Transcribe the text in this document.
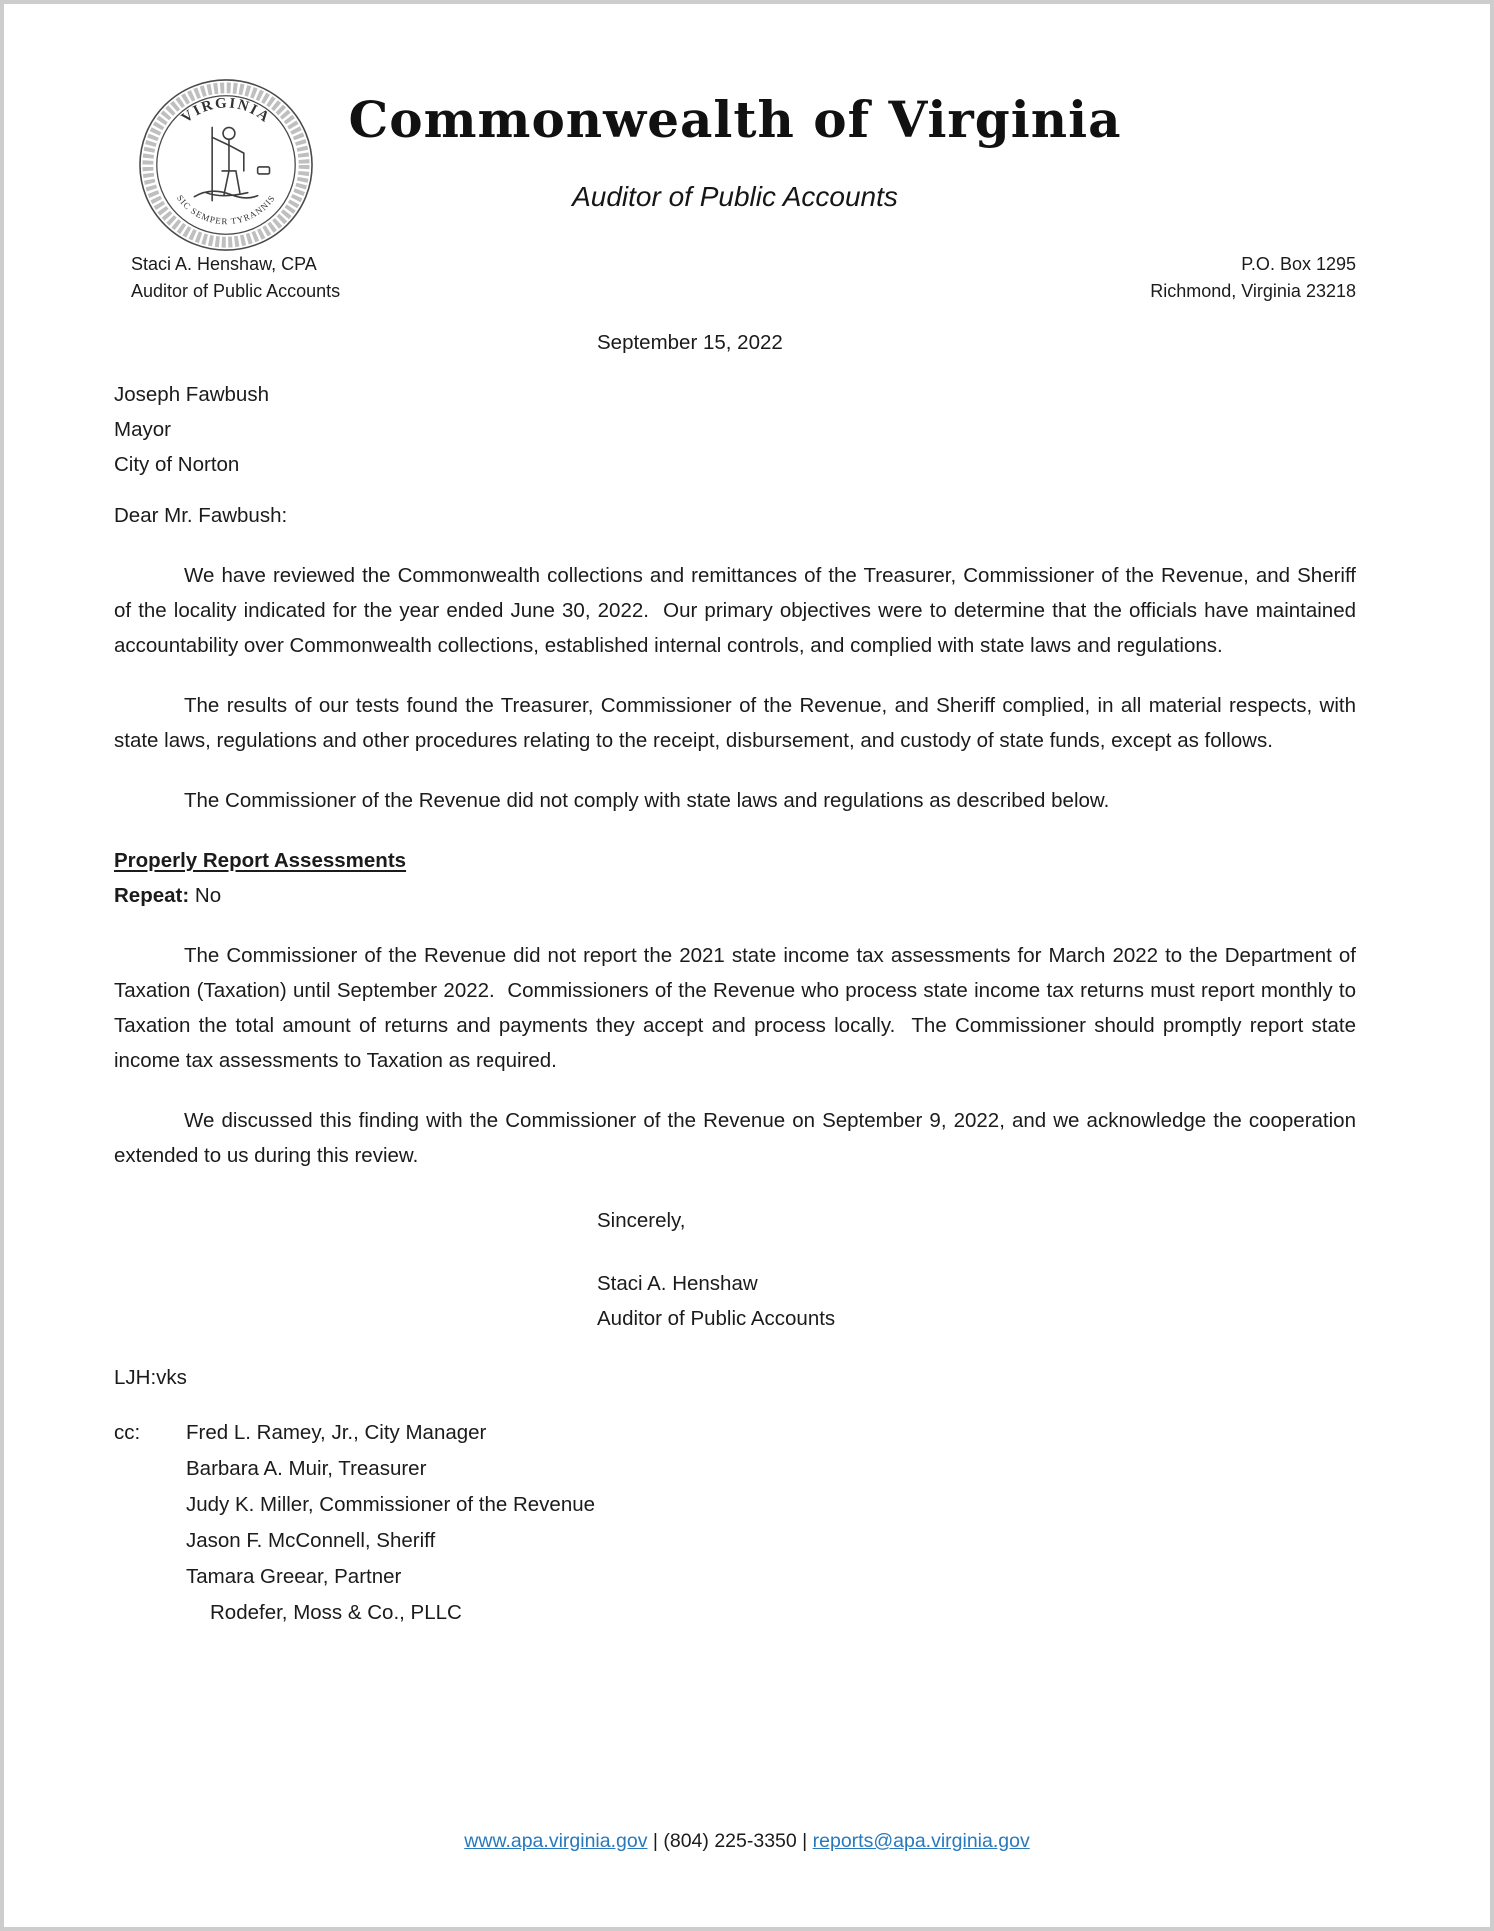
VIRGINIA
SIC SEMPER TYRANNIS
Commonwealth of Virginia
Auditor of Public Accounts
Staci A. Henshaw, CPA
Auditor of Public Accounts
P.O. Box 1295
Richmond, Virginia 23218
September 15, 2022
Joseph Fawbush
Mayor
City of Norton
Dear Mr. Fawbush:

We have reviewed the Commonwealth collections and remittances of the Treasurer, Commissioner of the Revenue, and Sheriff of the locality indicated for the year ended June 30, 2022.  Our primary objectives were to determine that the officials have maintained accountability over Commonwealth collections, established internal controls, and complied with state laws and regulations.

The results of our tests found the Treasurer, Commissioner of the Revenue, and Sheriff complied, in all material respects, with state laws, regulations and other procedures relating to the receipt, disbursement, and custody of state funds, except as follows.

The Commissioner of the Revenue did not comply with state laws and regulations as described below.

Properly Report Assessments
Repeat: No

The Commissioner of the Revenue did not report the 2021 state income tax assessments for March 2022 to the Department of Taxation (Taxation) until September 2022.  Commissioners of the Revenue who process state income tax returns must report monthly to Taxation the total amount of returns and payments they accept and process locally.  The Commissioner should promptly report state income tax assessments to Taxation as required.

We discussed this finding with the Commissioner of the Revenue on September 9, 2022, and we acknowledge the cooperation extended to us during this review.

Sincerely,
Staci A. Henshaw
Auditor of Public Accounts
LJH:vks
cc:	Fred L. Ramey, Jr., City Manager
Barbara A. Muir, Treasurer
Judy K. Miller, Commissioner of the Revenue
Jason F. McConnell, Sheriff
Tamara Greear, Partner
Rodefer, Moss & Co., PLLC
www.apa.virginia.gov | (804) 225-3350 | reports@apa.virginia.gov
